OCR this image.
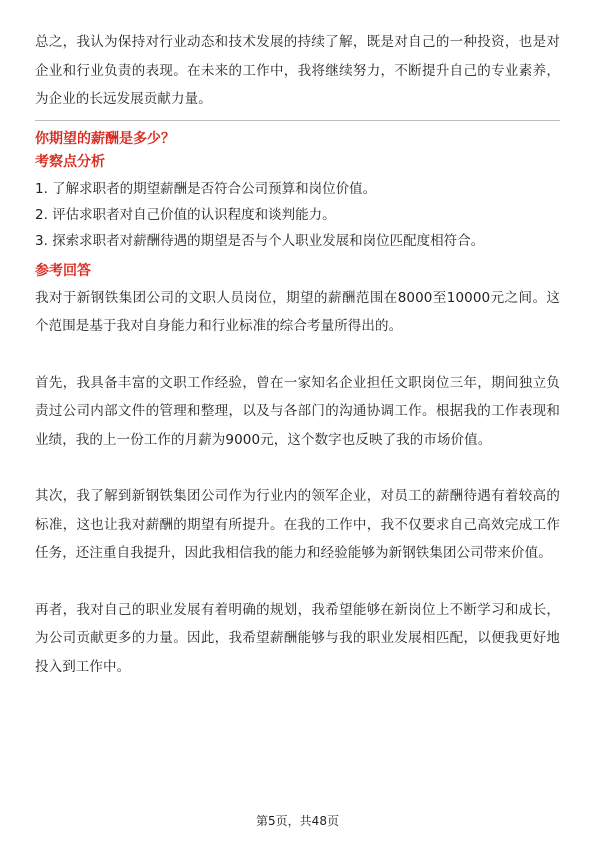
总之，我认为保持对行业动态和技术发展的持续了解，既是对自己的一种投资，也是对企业和行业负责的表现。在未来的工作中，我将继续努力，不断提升自己的专业素养，为企业的长远发展贡献力量。

你期望的薪酬是多少？

考察点分析

1. 了解求职者的期望薪酬是否符合公司预算和岗位价值。
2. 评估求职者对自己价值的认识程度和谈判能力。
3. 探索求职者对薪酬待遇的期望是否与个人职业发展和岗位匹配度相符合。

参考回答

我对于新钢铁集团公司的文职人员岗位，期望的薪酬范围在8000至10000元之间。这个范围是基于我对自身能力和行业标准的综合考量所得出的。

首先，我具备丰富的文职工作经验，曾在一家知名企业担任文职岗位三年，期间独立负责过公司内部文件的管理和整理，以及与各部门的沟通协调工作。根据我的工作表现和业绩，我的上一份工作的月薪为9000元，这个数字也反映了我的市场价值。

其次，我了解到新钢铁集团公司作为行业内的领军企业，对员工的薪酬待遇有着较高的标准，这也让我对薪酬的期望有所提升。在我的工作中，我不仅要求自己高效完成工作任务，还注重自我提升，因此我相信我的能力和经验能够为新钢铁集团公司带来价值。

再者，我对自己的职业发展有着明确的规划，我希望能够在新岗位上不断学习和成长，为公司贡献更多的力量。因此，我希望薪酬能够与我的职业发展相匹配，以便我更好地投入到工作中。

第5页，共48页
